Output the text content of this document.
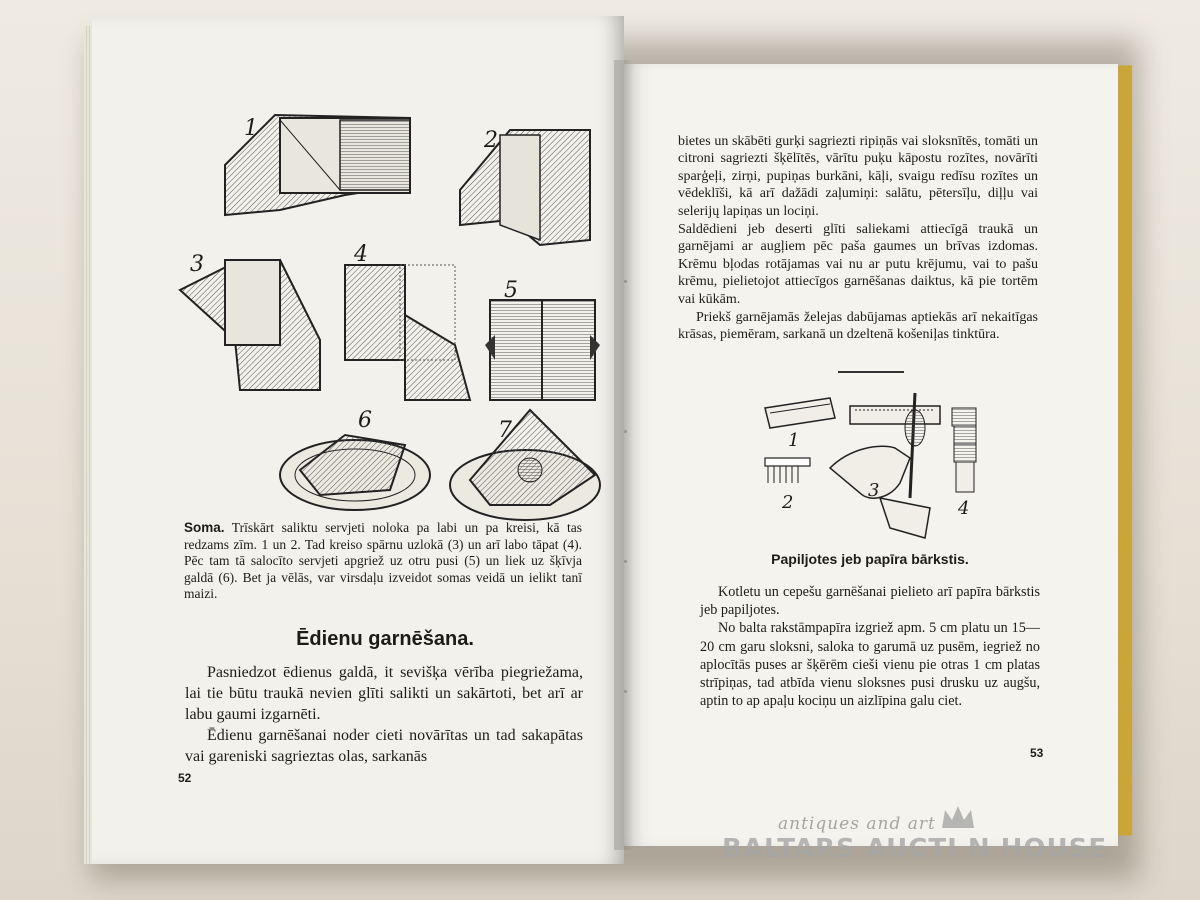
1	2
3	4
5
6	7

Soma. Trīskārt saliktu servjeti noloka pa labi un pa kreisi, kā tas redzams zīm. 1 un 2. Tad kreiso spārnu uzlokā (3) un arī labo tāpat (4). Pēc tam tā salocīto servjeti apgriež uz otru pusi (5) un liek uz šķīvja galdā (6). Bet ja vēlās, var virsdaļu izveidot somas veidā un ielikt tanī maizi.

Ēdienu garnēšana.

Pasniedzot ēdienus galdā, it sevišķa vērība piegriežama, lai tie būtu traukā nevien glīti salikti un sakārtoti, bet arī ar labu gaumi izgarnēti.

Ēdienu garnēšanai noder cieti novārītas un tad sakapātas vai gareniski sagrieztas olas, sarkanās

52

bietes un skābēti gurķi sagriezti ripiņās vai sloksnītēs, tomāti un citroni sagriezti šķēlītēs, vārītu puķu kāpostu rozītes, novārīti sparģeļi, zirņi, pupiņas burkāni, kāļi, svaigu redīsu rozītes un vēdeklīši, kā arī dažādi zaļumiņi: salātu, pētersīļu, diļļu vai selerijų lapiņas un lociņi.

Saldēdieni jeb deserti glīti saliekami attiecīgā traukā un garnējami ar augļiem pēc paša gaumes un brīvas izdomas. Krēmu bļodas rotājamas vai nu ar putu krējumu, vai to pašu krēmu, pielietojot attiecīgos garnēšanas daiktus, kā pie tortēm vai kūkām.

Priekš garnējamās želejas dabūjamas aptiekās arī nekaitīgas krāsas, piemēram, sarkanā un dzeltenā košeniļas tinktūra.

1
2
3
4
Papiljotes jeb papīra bārkstis.

Kotletu un cepešu garnēšanai pielieto arī papīra bārkstis jeb papiljotes.

No balta rakstāmpapīra izgriež apm. 5 cm platu un 15—20 cm garu sloksni, saloka to garumā uz pusēm, iegriež no aplocītās puses ar šķērēm cieši vienu pie otras 1 cm platas strīpiņas, tad atbīda vienu sloksnes pusi drusku uz augšu, aptin to ap apaļu kociņu un aizlīpina galu ciet.

53
antiques and art
BALTARS AUCTI N HOUSE
